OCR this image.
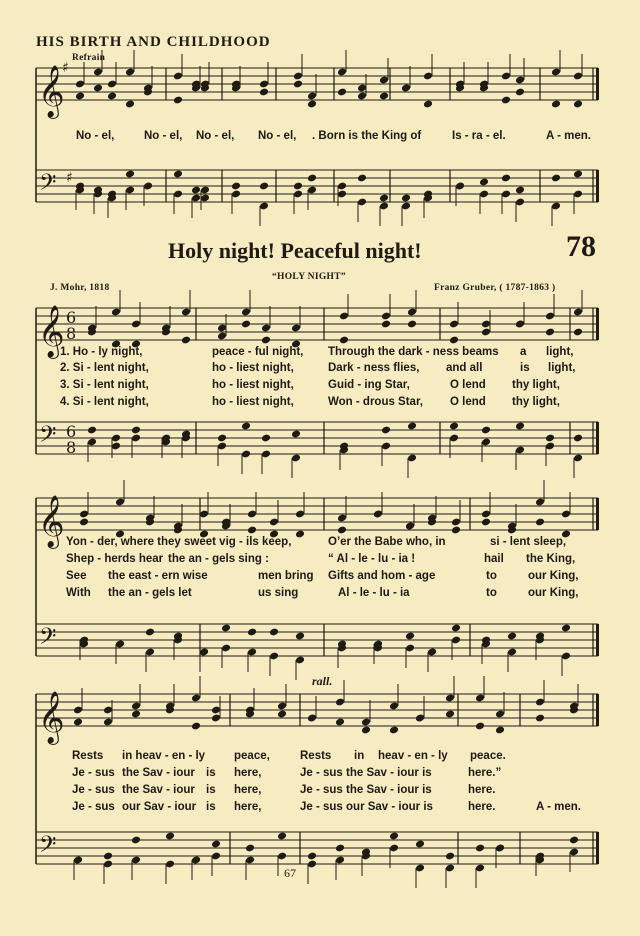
HIS BIRTH AND CHILDHOOD
Refrain
𝄞
𝄢
♯
♯
𝄞
𝄢
6
8
6
8
𝄞
𝄢
𝄞
𝄢
No - el,	No - el, No - el, No - el, . Born is the King of	Is - ra - el.	A - men.
Holy night! Peaceful night!	78
“HOLY NIGHT”
J. Mohr, 1818	Franz Gruber, ( 1787-1863 )
1. Ho - ly night,	peace - ful night, Through the dark - ness beams a light,
2. Si - lent night,	ho - liest night,	Dark - ness flies, and all	is light,
3. Si - lent night,	ho - liest night,	Guid - ing Star,	O lend thy light,
4. Si - lent night,	ho - liest night,	Won - drous Star, O lend thy light,
Yon - der, where they sweet vig - ils keep,	O’er the Babe who, in	si - lent sleep,
Shep - herds hear the an - gels sing :	“ Al - le - lu - ia !	hail the King,
See the east - ern wise	men bring Gifts and hom - age	to	our King,
With the an - gels let	us sing	Al - le - lu - ia	to	our King,
rall.
Rests in heav - en - ly	peace,	Rests in heav - en - ly peace.
Je - sus the Sav - iour is here,	Je - sus the Sav - iour is	here.”
Je - sus the Sav - iour is here,	Je - sus the Sav - iour is	here.
Je - sus our Sav - iour is here,	Je - sus our Sav - iour is	here.	A - men.
67
